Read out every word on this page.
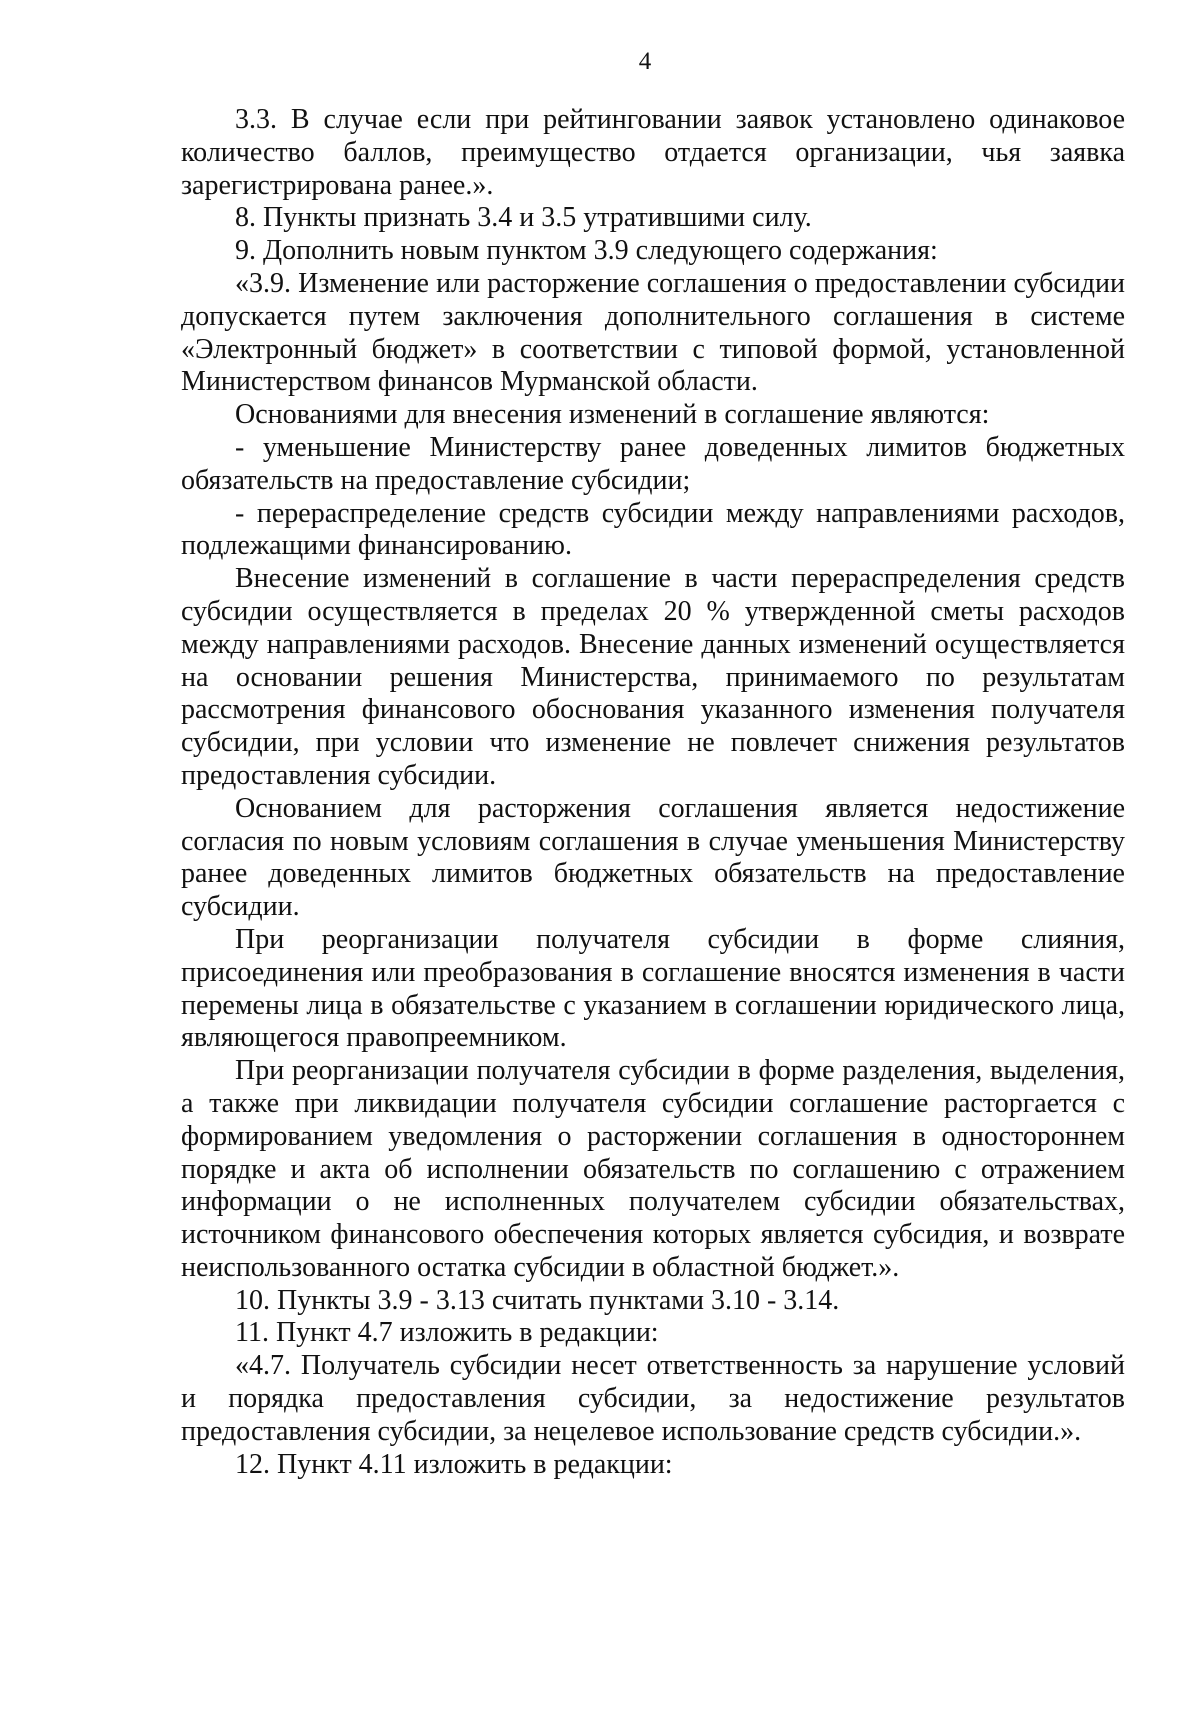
4

3.3. В случае если при рейтинговании заявок установлено одинаковое количество баллов, преимущество отдается организации, чья заявка зарегистрирована ранее.».

8. Пункты признать 3.4 и 3.5 утратившими силу.

9. Дополнить новым пунктом 3.9 следующего содержания:

«3.9. Изменение или расторжение соглашения о предоставлении субсидии допускается путем заключения дополнительного соглашения в системе «Электронный бюджет» в соответствии с типовой формой, установленной Министерством финансов Мурманской области.

Основаниями для внесения изменений в соглашение являются:

- уменьшение Министерству ранее доведенных лимитов бюджетных обязательств на предоставление субсидии;

- перераспределение средств субсидии между направлениями расходов, подлежащими финансированию.

Внесение изменений в соглашение в части перераспределения средств субсидии осуществляется в пределах 20 % утвержденной сметы расходов между направлениями расходов. Внесение данных изменений осуществляется на основании решения Министерства, принимаемого по результатам рассмотрения финансового обоснования указанного изменения получателя субсидии, при условии что изменение не повлечет снижения результатов предоставления субсидии.

Основанием для расторжения соглашения является недостижение согласия по новым условиям соглашения в случае уменьшения Министерству ранее доведенных лимитов бюджетных обязательств на предоставление субсидии.

При реорганизации получателя субсидии в форме слияния, присоединения или преобразования в соглашение вносятся изменения в части перемены лица в обязательстве с указанием в соглашении юридического лица, являющегося правопреемником.

При реорганизации получателя субсидии в форме разделения, выделения, а также при ликвидации получателя субсидии соглашение расторгается с формированием уведомления о расторжении соглашения в одностороннем порядке и акта об исполнении обязательств по соглашению с отражением информации о не исполненных получателем субсидии обязательствах, источником финансового обеспечения которых является субсидия, и возврате неиспользованного остатка субсидии в областной бюджет.».

10. Пункты 3.9 - 3.13 считать пунктами 3.10 - 3.14.

11. Пункт 4.7 изложить в редакции:

«4.7. Получатель субсидии несет ответственность за нарушение условий и порядка предоставления субсидии, за недостижение результатов предоставления субсидии, за нецелевое использование средств субсидии.».

12. Пункт 4.11 изложить в редакции:
